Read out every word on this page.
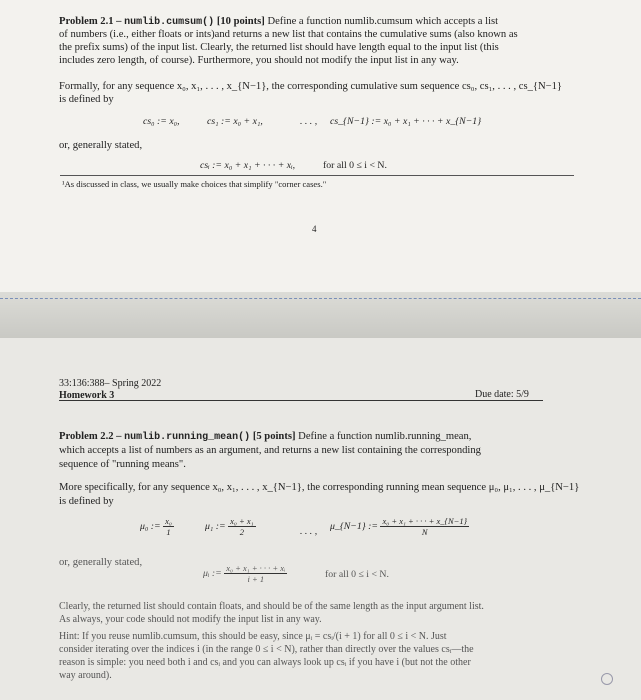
Problem 2.1 – numlib.cumsum() [10 points] Define a function numlib.cumsum which accepts a list
of numbers (i.e., either floats or ints)and returns a new list that contains the cumulative sums (also known as
the prefix sums) of the input list. Clearly, the returned list should have length equal to the input list (this
includes zero length, of course). Furthermore, you should not modify the input list in any way.
Formally, for any sequence x₀, x₁, . . . , x_{N−1}, the corresponding cumulative sum sequence cs₀, cs₁, . . . , cs_{N−1}
is defined by
cs₀ := x₀,	cs₁ := x₀ + x₁,	. . . , cs_{N−1} := x₀ + x₁ + · · · + x_{N−1}
or, generally stated,
csᵢ := x₀ + x₁ + · · · + xᵢ,	for all 0 ≤ i < N.
¹As discussed in class, we usually make choices that simplify "corner cases."
4
33:136:388– Spring 2022
Homework 3	Due date: 5/9
Problem 2.2 – numlib.running_mean() [5 points] Define a function numlib.running_mean,
which accepts a list of numbers as an argument, and returns a new list containing the corresponding
sequence of "running means".
More specifically, for any sequence x₀, x₁, . . . , x_{N−1}, the corresponding running mean sequence μ₀, μ₁, . . . , μ_{N−1}
is defined by
μ₀ := $\frac{\text{x₀}}{1}$	μ₁ := $\frac{\text{x₀ + x₁}}{2}$	. . . , μ_{N−1} := $\frac{\text{x₀ + x₁ + · · · + x\_\{N−1\}}}{N}$
or, generally stated,
μᵢ := $\frac{\text{x₀ + x₁ + · · · + xᵢ}}{i + 1}$	for all 0 ≤ i < N.
Clearly, the returned list should contain floats, and should be of the same length as the input argument list.
As always, your code should not modify the input list in any way.
Hint: If you reuse numlib.cumsum, this should be easy, since μᵢ = csᵢ/(i + 1) for all 0 ≤ i < N. Just
consider iterating over the indices i (in the range 0 ≤ i < N), rather than directly over the values csᵢ—the
reason is simple: you need both i and csᵢ and you can always look up csᵢ if you have i (but not the other
way around).
